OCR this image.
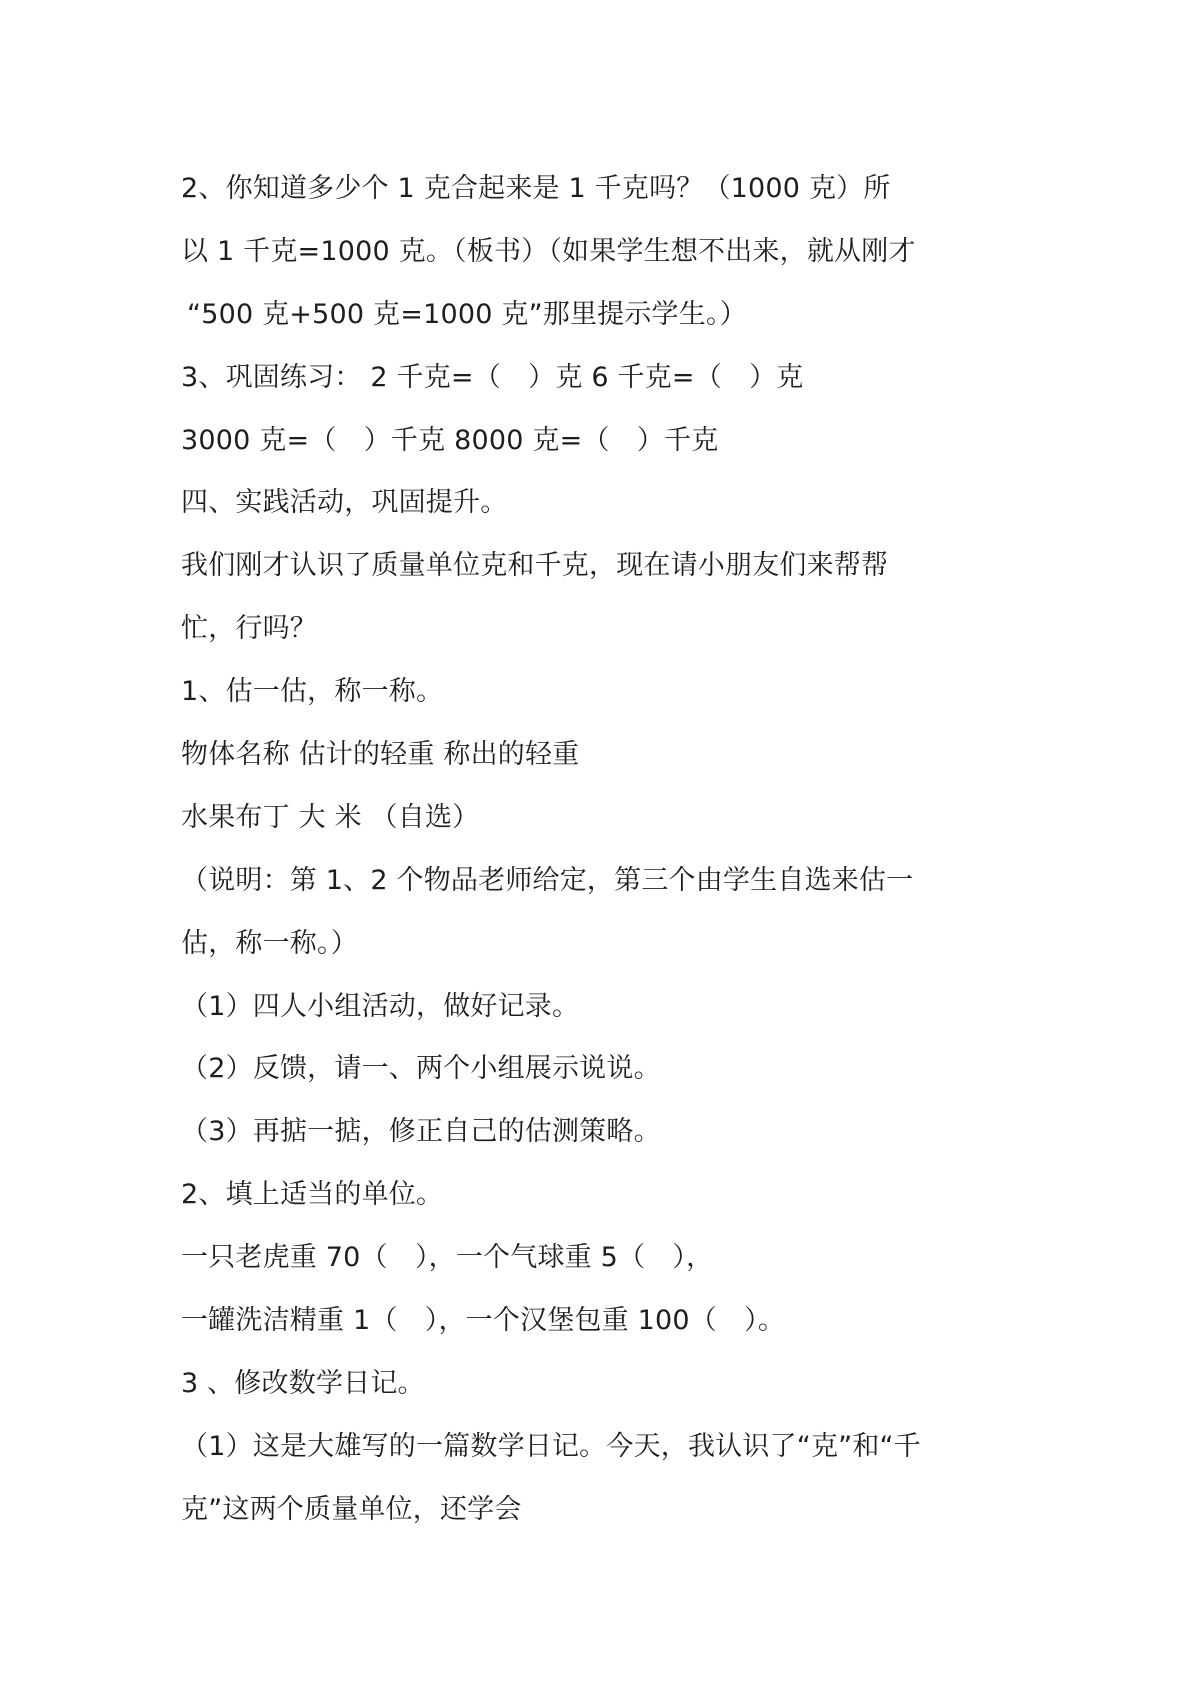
2、你知道多少个 1 克合起来是 1 千克吗？（1000 克）所
以 1 千克=1000 克。（板书）（如果学生想不出来，就从刚才
“500 克+500 克=1000 克”那里提示学生。）
3、巩固练习： 2 千克=（　）克 6 千克=（　）克
3000 克=（　）千克 8000 克=（　）千克
四、实践活动，巩固提升。
我们刚才认识了质量单位克和千克，现在请小朋友们来帮帮
忙，行吗？
1、估一估，称一称。
物体名称 估计的轻重 称出的轻重
水果布丁 大 米 （自选）
（说明：第 1、2 个物品老师给定，第三个由学生自选来估一
估，称一称。）
（1）四人小组活动，做好记录。
（2）反馈，请一、两个小组展示说说。
（3）再掂一掂，修正自己的估测策略。
2、填上适当的单位。
一只老虎重 70（　），一个气球重 5（　），
一罐洗洁精重 1（　），一个汉堡包重 100（　）。
3 、修改数学日记。
（1）这是大雄写的一篇数学日记。今天，我认识了“克”和“千
克”这两个质量单位，还学会
